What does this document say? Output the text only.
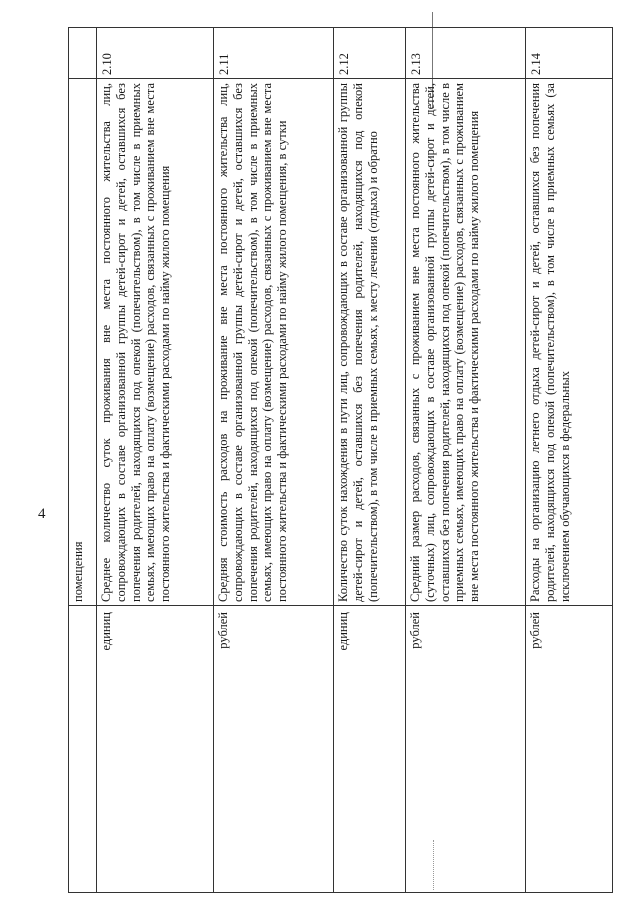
4
помещения
2.10
Среднее количество суток проживания вне места постоянного жительства лиц, сопровождающих в составе организованной группы детей-сирот и детей, оставшихся без попечения родителей, находящихся под опекой (попечительством), в том числе в приемных семьях, имеющих право на оплату (возмещение) расходов, связанных с проживанием вне места постоянного жительства и фактическими расходами по найму жилого помещения
единиц
2.11
Средняя стоимость расходов на проживание вне места постоянного жительства лиц, сопровождающих в составе организованной группы детей-сирот и детей, оставшихся без попечения родителей, находящихся под опекой (попечительством), в том числе в приемных семьях, имеющих право на оплату (возмещение) расходов, связанных с проживанием вне места постоянного жительства и фактическими расходами по найму жилого помещения, в сутки
рублей
2.12
Количество суток нахождения в пути лиц, сопровождающих в составе организованной группы детей-сирот и детей, оставшихся без попечения родителей, находящихся под опекой (попечительством), в том числе в приемных семьях, к месту лечения (отдыха) и обратно
единиц
2.13
Средний размер расходов, связанных с проживанием вне места постоянного жительства (суточных) лиц, сопровождающих в составе организованной группы детей-сирот и детей, оставшихся без попечения родителей, находящихся под опекой (попечительством), в том числе в приемных семьях, имеющих право на оплату (возмещение) расходов, связанных с проживанием вне места постоянного жительства и фактическими расходами по найму жилого помещения
рублей
2.14
Расходы на организацию летнего отдыха детей-сирот и детей, оставшихся без попечения родителей, находящихся под опекой (попечительством), в том числе в приемных семьях (за исключением обучающихся в федеральных
рублей
